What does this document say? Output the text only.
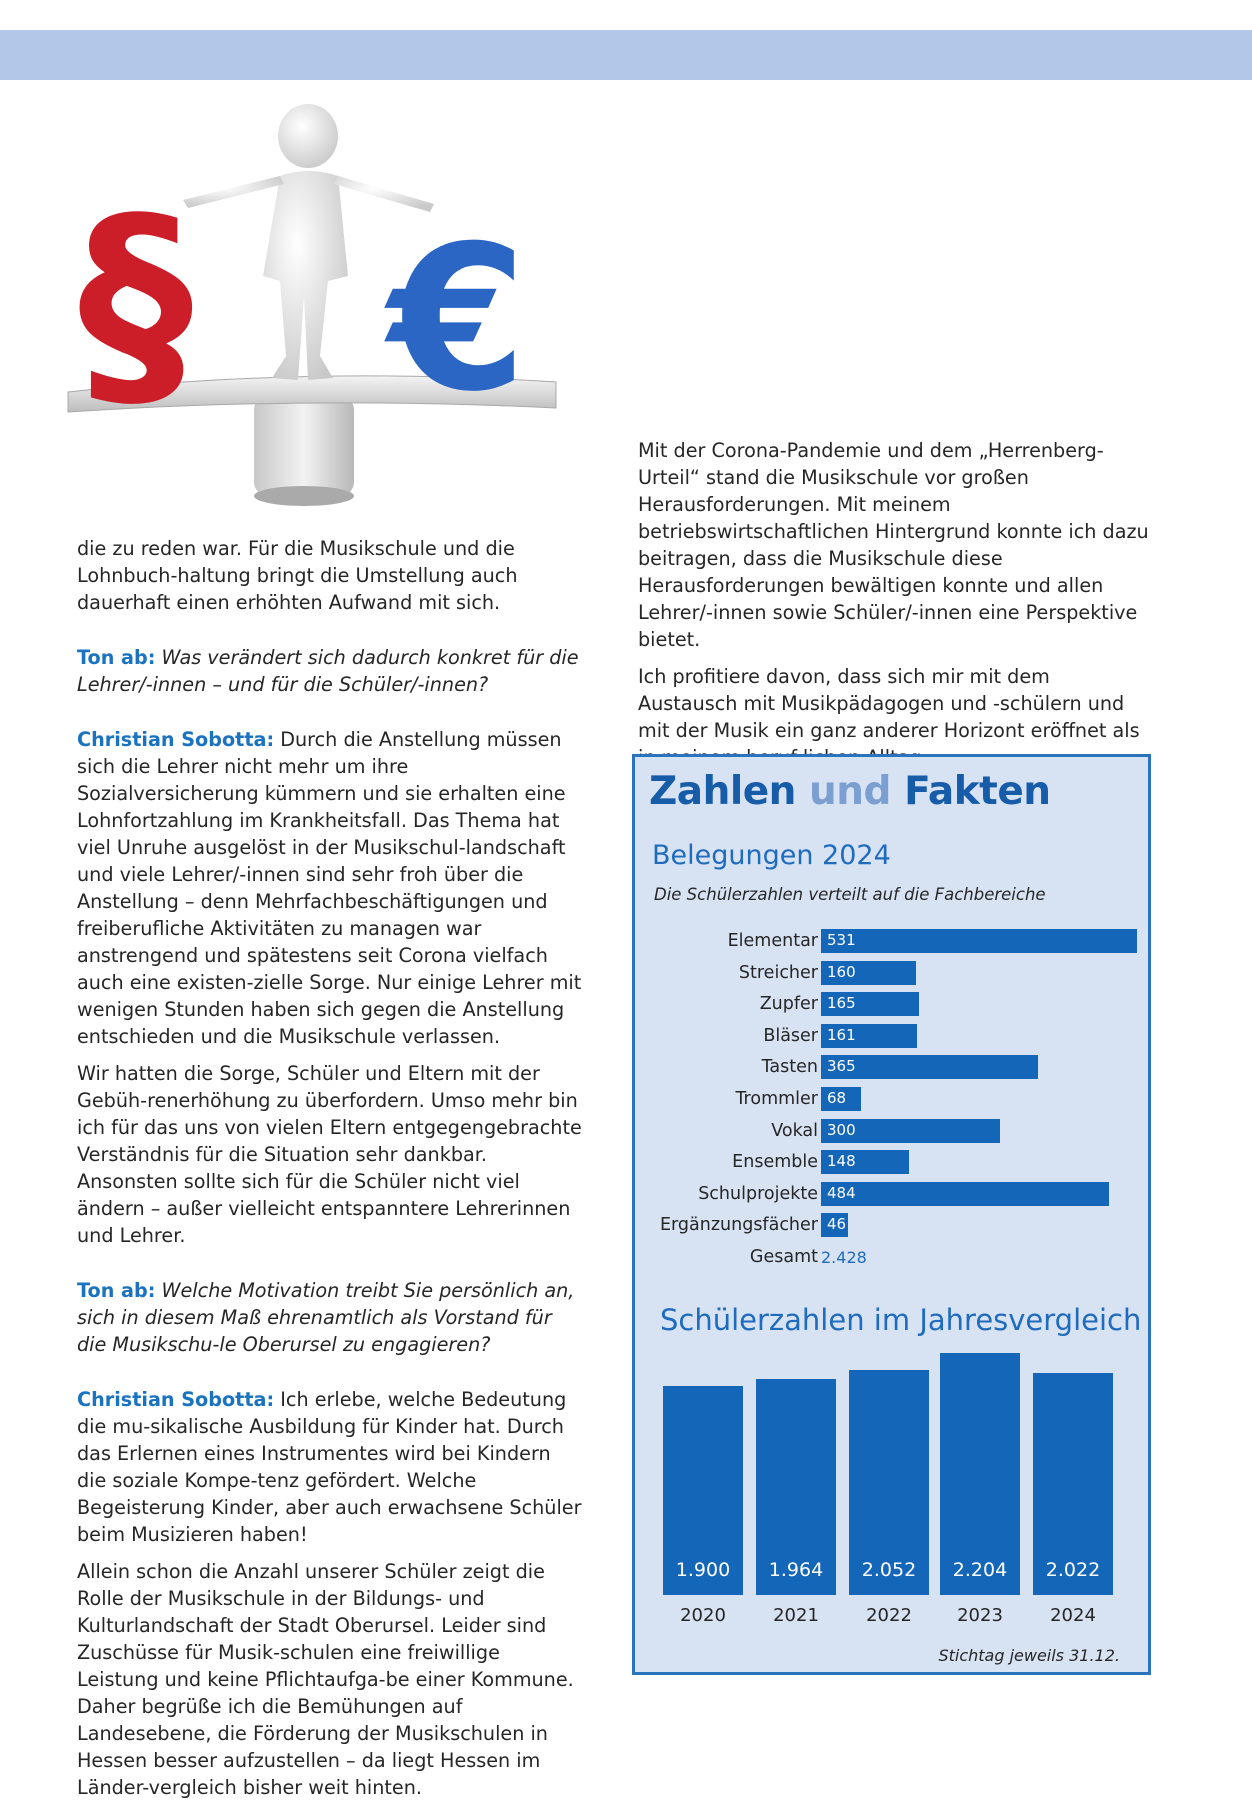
§ €

die zu reden war. Für die Musikschule und die Lohnbuch-haltung bringt die Umstellung auch dauerhaft einen erhöhten Aufwand mit sich.

Ton ab: Was verändert sich dadurch konkret für die Lehrer/-innen – und für die Schüler/-innen?

Christian Sobotta: Durch die Anstellung müssen sich die Lehrer nicht mehr um ihre Sozialversicherung kümmern und sie erhalten eine Lohnfortzahlung im Krankheitsfall. Das Thema hat viel Unruhe ausgelöst in der Musikschul-landschaft und viele Lehrer/-innen sind sehr froh über die Anstellung – denn Mehrfachbeschäftigungen und freiberufliche Aktivitäten zu managen war anstrengend und spätestens seit Corona vielfach auch eine existen-zielle Sorge. Nur einige Lehrer mit wenigen Stunden haben sich gegen die Anstellung entschieden und die Musikschule verlassen.

Wir hatten die Sorge, Schüler und Eltern mit der Gebüh-renerhöhung zu überfordern. Umso mehr bin ich für das uns von vielen Eltern entgegengebrachte Verständnis für die Situation sehr dankbar. Ansonsten sollte sich für die Schüler nicht viel ändern – außer vielleicht entspanntere Lehrerinnen und Lehrer.

Ton ab: Welche Motivation treibt Sie persönlich an, sich in diesem Maß ehrenamtlich als Vorstand für die Musikschu-le Oberursel zu engagieren?

Christian Sobotta: Ich erlebe, welche Bedeutung die mu-sikalische Ausbildung für Kinder hat. Durch das Erlernen eines Instrumentes wird bei Kindern die soziale Kompe-tenz gefördert. Welche Begeisterung Kinder, aber auch erwachsene Schüler beim Musizieren haben!

Allein schon die Anzahl unserer Schüler zeigt die Rolle der Musikschule in der Bildungs- und Kulturlandschaft der Stadt Oberursel. Leider sind Zuschüsse für Musik-schulen eine freiwillige Leistung und keine Pflichtaufga-be einer Kommune. Daher begrüße ich die Bemühungen auf Landesebene, die Förderung der Musikschulen in Hessen besser aufzustellen – da liegt Hessen im Länder-vergleich bisher weit hinten.

Mit der Corona-Pandemie und dem „Herrenberg-Urteil“ stand die Musikschule vor großen Herausforderungen. Mit meinem betriebswirtschaftlichen Hintergrund konnte ich dazu beitragen, dass die Musikschule diese Herausforderungen bewältigen konnte und allen Lehrer/-innen sowie Schüler/-innen eine Perspektive bietet.

Ich profitiere davon, dass sich mir mit dem Austausch mit Musikpädagogen und -schülern und mit der Musik ein ganz anderer Horizont eröffnet als

Zahlen und Fakten
Belegungen 2024
Die Schülerzahlen verteilt auf die Fachbereiche
Elementar 531
Streicher 160
Zupfer 165
Bläser 161
Tasten 365
Trommler 68
Vokal 300
Ensemble 148
Schulprojekte 484
Ergänzungsfächer 46
Gesamt 2.428
Schülerzahlen im Jahresvergleich
1.900
2020
1.964
2021
2.052
2022
2.204
2023
2.022
2024
Stichtag jeweils 31.12.
